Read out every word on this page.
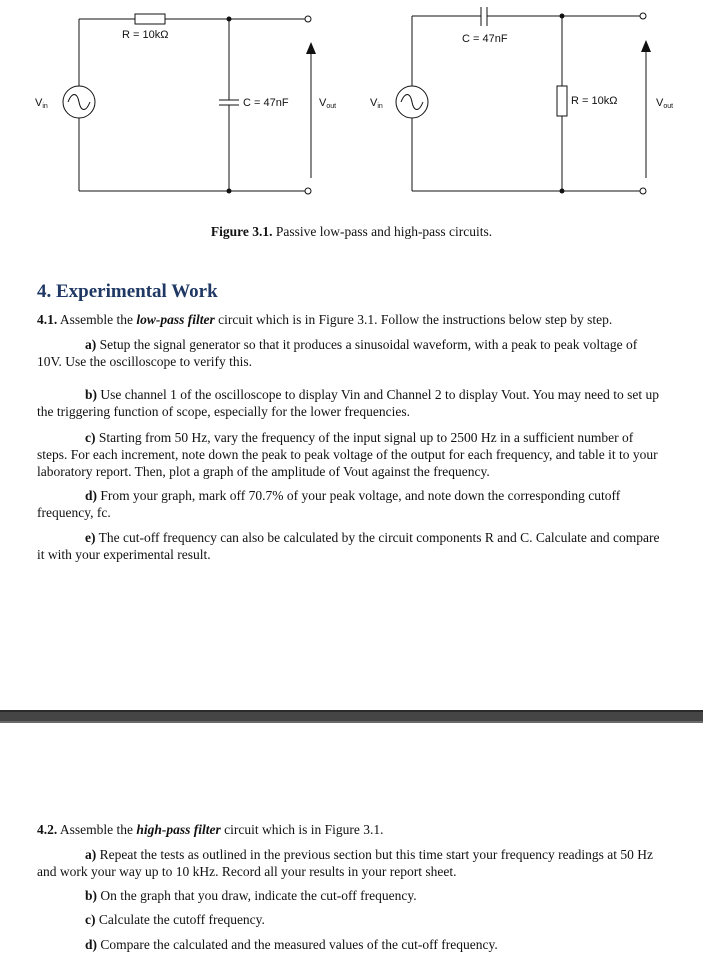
R = 10kΩ
C = 47nF
Vin	Vout
C = 47nF
R = 10kΩ
Vin	Vout
Figure 3.1. Passive low-pass and high-pass circuits.
4. Experimental Work
4.1. Assemble the low-pass filter circuit which is in Figure 3.1. Follow the instructions below step by step.
a) Setup the signal generator so that it produces a sinusoidal waveform, with a peak to peak voltage of 10V. Use the oscilloscope to verify this.
b) Use channel 1 of the oscilloscope to display Vin and Channel 2 to display Vout. You may need to set up the triggering function of scope, especially for the lower frequencies.
c) Starting from 50 Hz, vary the frequency of the input signal up to 2500 Hz in a sufficient number of steps. For each increment, note down the peak to peak voltage of the output for each frequency, and table it to your laboratory report. Then, plot a graph of the amplitude of Vout against the frequency.
d) From your graph, mark off 70.7% of your peak voltage, and note down the corresponding cutoff frequency, fc.
e) The cut-off frequency can also be calculated by the circuit components R and C. Calculate and compare it with your experimental result.
4.2. Assemble the high-pass filter circuit which is in Figure 3.1.
a) Repeat the tests as outlined in the previous section but this time start your frequency readings at 50 Hz and work your way up to 10 kHz. Record all your results in your report sheet.
b) On the graph that you draw, indicate the cut-off frequency.
c) Calculate the cutoff frequency.
d) Compare the calculated and the measured values of the cut-off frequency.
